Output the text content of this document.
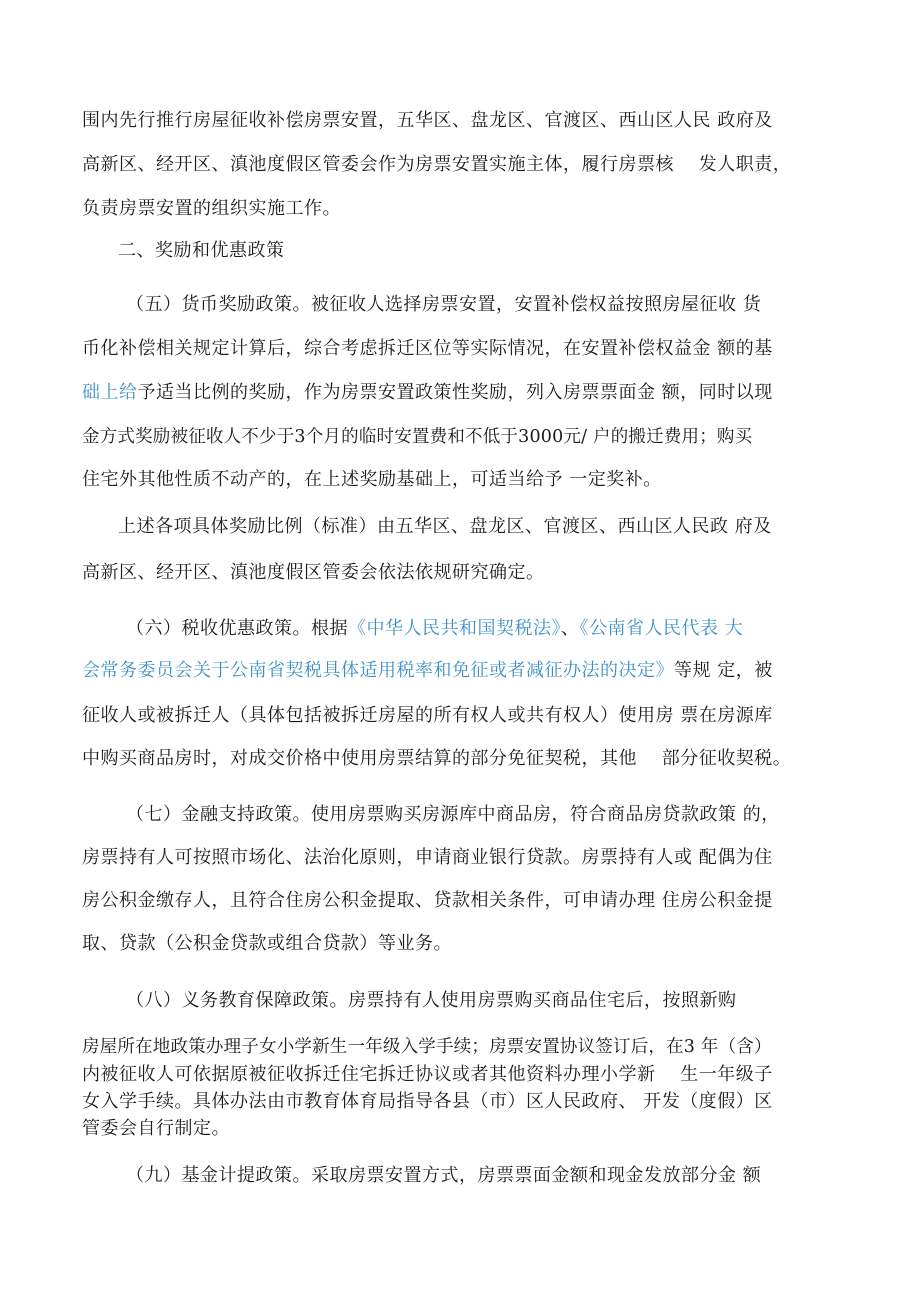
围内先行推行房屋征收补偿房票安置，五华区、盘龙区、官渡区、西山区人民 政府及
高新区、经开区、滇池度假区管委会作为房票安置实施主体，履行房票核　 发人职责，
负责房票安置的组织实施工作。
二、奖励和优惠政策
（五）货币奖励政策。被征收人选择房票安置，安置补偿权益按照房屋征收 货
币化补偿相关规定计算后，综合考虑拆迁区位等实际情况，在安置补偿权益金 额的基
础上给予适当比例的奖励，作为房票安置政策性奖励，列入房票票面金 额，同时以现
金方式奖励被征收人不少于3个月的临时安置费和不低于3000元/ 户的搬迁费用；购买
住宅外其他性质不动产的，在上述奖励基础上，可适当给予 一定奖补。
上述各项具体奖励比例（标准）由五华区、盘龙区、官渡区、西山区人民政 府及
高新区、经开区、滇池度假区管委会依法依规研究确定。
（六）税收优惠政策。根据《中华人民共和国契税法》、《公南省人民代表 大
会常务委员会关于公南省契税具体适用税率和免征或者减征办法的决定》等规 定，被
征收人或被拆迁人（具体包括被拆迁房屋的所有权人或共有权人）使用房 票在房源库
中购买商品房时，对成交价格中使用房票结算的部分免征契税，其他　 部分征收契税。
（七）金融支持政策。使用房票购买房源库中商品房，符合商品房贷款政策 的，
房票持有人可按照市场化、法治化原则，申请商业银行贷款。房票持有人或 配偶为住
房公积金缴存人，且符合住房公积金提取、贷款相关条件，可申请办理 住房公积金提
取、贷款（公积金贷款或组合贷款）等业务。
（八）义务教育保障政策。房票持有人使用房票购买商品住宅后，按照新购
房屋所在地政策办理子女小学新生一年级入学手续；房票安置协议签订后，在3 年（含）
内被征收人可依据原被征收拆迁住宅拆迁协议或者其他资料办理小学新　 生一年级子
女入学手续。具体办法由市教育体育局指导各县（市）区人民政府、 开发（度假）区
管委会自行制定。
（九）基金计提政策。采取房票安置方式，房票票面金额和现金发放部分金 额
